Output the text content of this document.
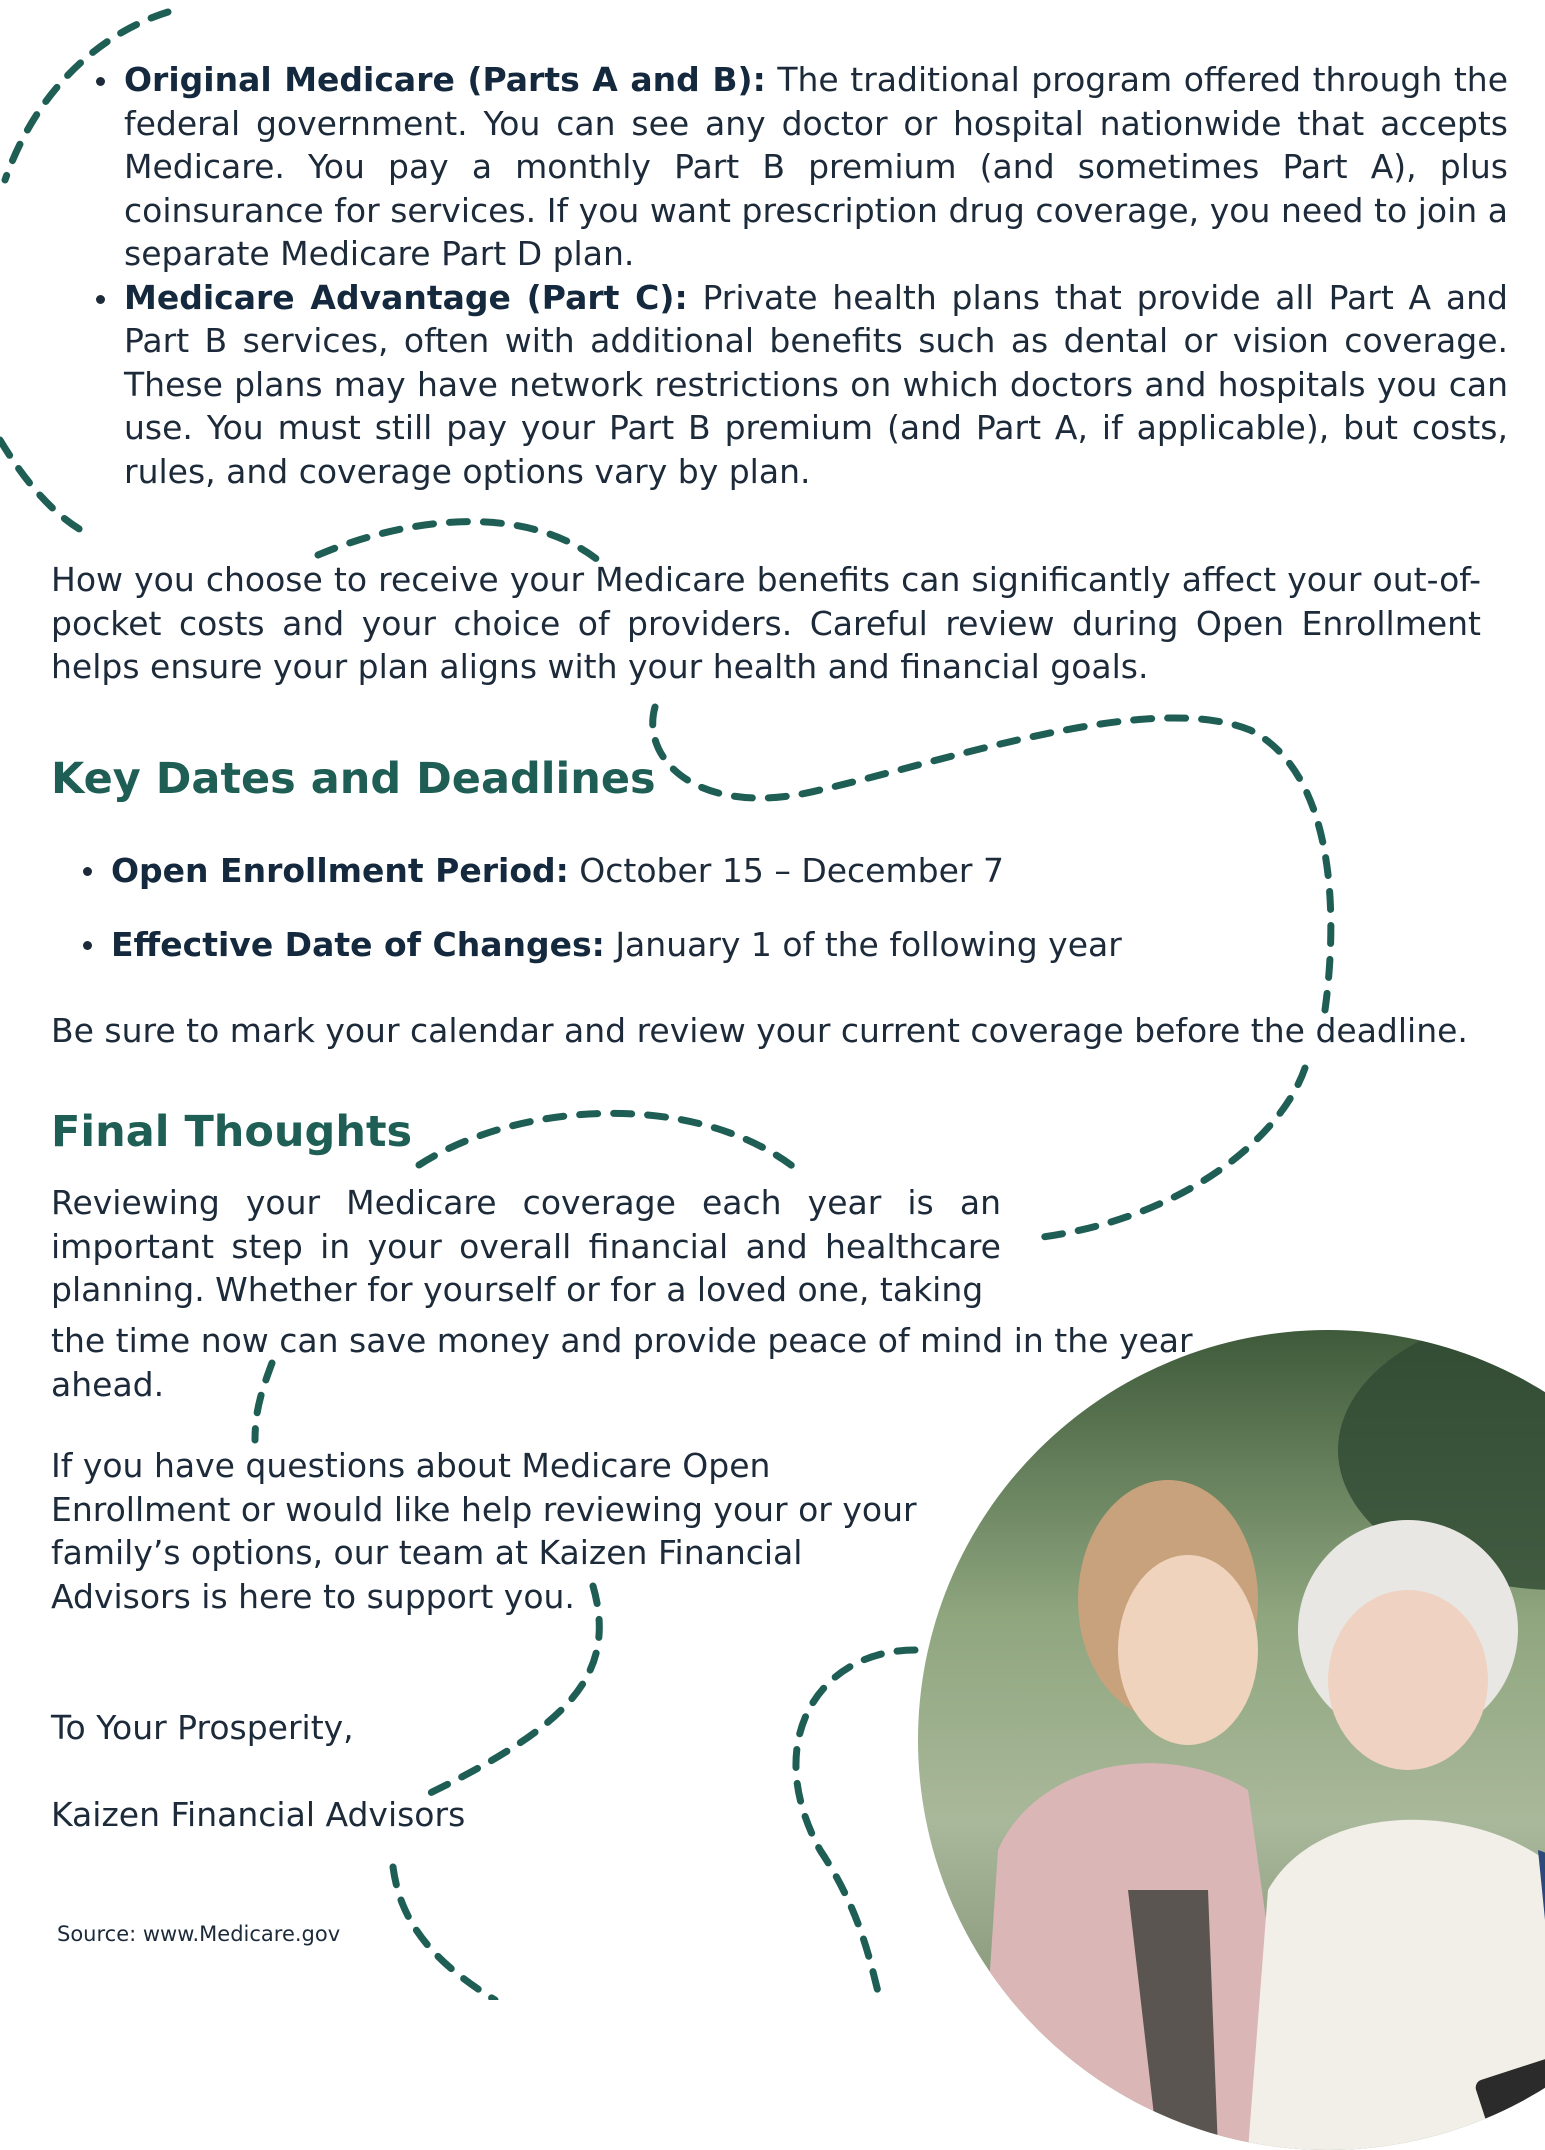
Original Medicare (Parts A and B): The traditional program offered through the federal government. You can see any doctor or hospital nationwide that accepts Medicare. You pay a monthly Part B premium (and sometimes Part A), plus coinsurance for services. If you want prescription drug coverage, you need to join a separate Medicare Part D plan.
Medicare Advantage (Part C): Private health plans that provide all Part A and Part B services, often with additional benefits such as dental or vision coverage. These plans may have network restrictions on which doctors and hospitals you can use. You must still pay your Part B premium (and Part A, if applicable), but costs, rules, and coverage options vary by plan.

How you choose to receive your Medicare benefits can significantly affect your out-of-pocket costs and your choice of providers. Careful review during Open Enrollment helps ensure your plan aligns with your health and financial goals.

Key Dates and Deadlines
Open Enrollment Period: October 15 – December 7
Effective Date of Changes: January 1 of the following year

Be sure to mark your calendar and review your current coverage before the deadline.

Final Thoughts

Reviewing your Medicare coverage each year is an
important step in your overall financial and healthcare
planning. Whether for yourself or for a loved one, taking

the time now can save money and provide peace of mind in the year ahead.

If you have questions about Medicare Open Enrollment or would like help reviewing your or your family’s options, our team at Kaizen Financial Advisors is here to support you.

To Your Prosperity,

Kaizen Financial Advisors

Source: www.Medicare.gov
